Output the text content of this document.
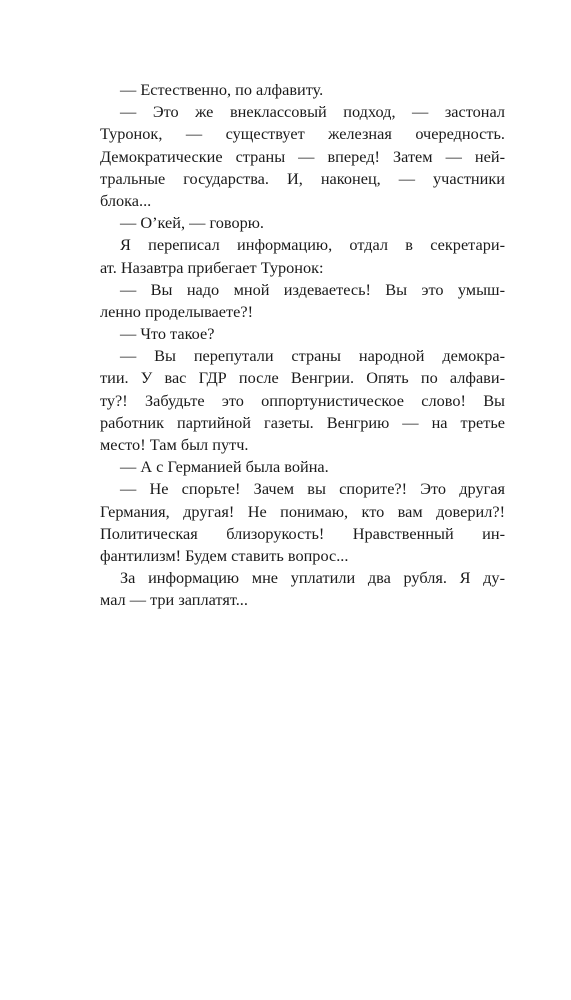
— Естественно, по алфавиту.
— Это же внеклассовый подход, — застонал
Туронок, — существует железная очередность.
Демократические страны — вперед! Затем — ней-
тральные государства. И, наконец, — участники
блока...
— О’кей, — говорю.
Я переписал информацию, отдал в секретари-
ат. Назавтра прибегает Туронок:
— Вы надо мной издеваетесь! Вы это умыш-
ленно проделываете?!
— Что такое?
— Вы перепутали страны народной демокра-
тии. У вас ГДР после Венгрии. Опять по алфави-
ту?! Забудьте это оппортунистическое слово! Вы
работник партийной газеты. Венгрию — на третье
место! Там был путч.
— А с Германией была война.
— Не спорьте! Зачем вы спорите?! Это другая
Германия, другая! Не понимаю, кто вам доверил?!
Политическая близорукость! Нравственный ин-
фантилизм! Будем ставить вопрос...
За информацию мне уплатили два рубля. Я ду-
мал — три заплатят...
